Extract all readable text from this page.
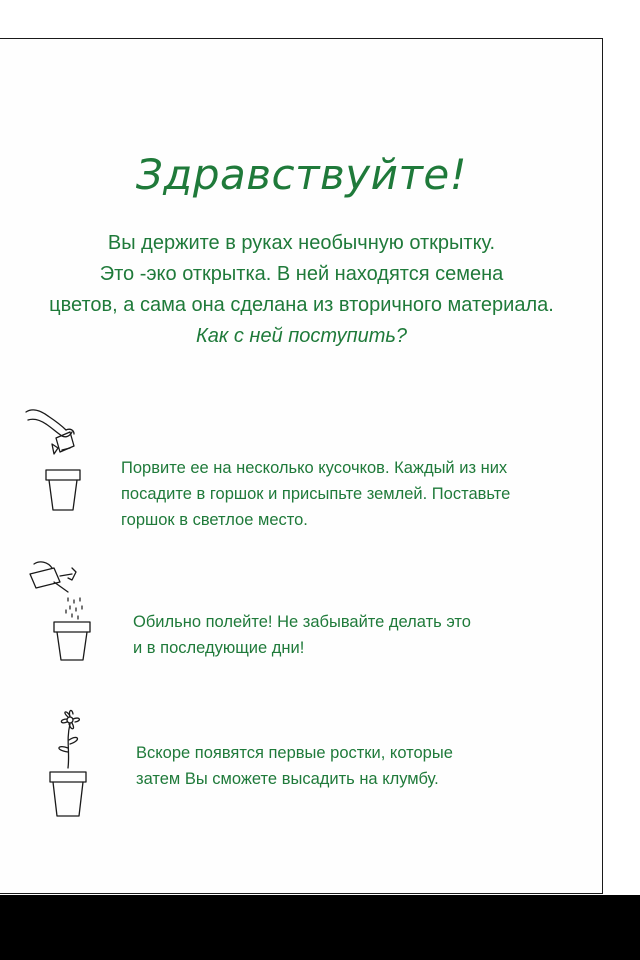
Здравствуйте!
Вы держите в руках необычную открытку.
Это -эко открытка. В ней находятся семена
цветов, а сама она сделана из вторичного материала.
Как с ней поступить?
Порвите ее на несколько кусочков. Каждый из них
посадите в горшок и присыпьте землей. Поставьте
горшок в светлое место.
Обильно полейте! Не забывайте делать это
и в последующие дни!
Вскоре появятся первые ростки, которые
затем Вы сможете высадить на клумбу.
